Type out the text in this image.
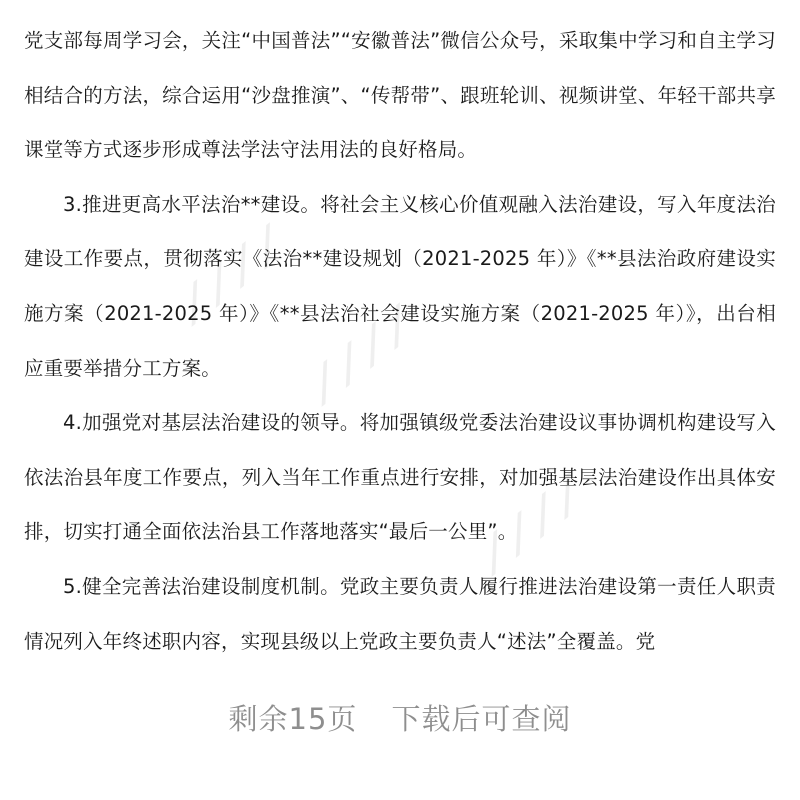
⟋⟋⟋⟋
⟋⟋⟋⟋
⟋⟋⟋⟋

党支部每周学习会，关注“中国普法”“安徽普法”微信公众号，采取集中学习和自主学习相结合的方法，综合运用“沙盘推演”、“传帮带”、跟班轮训、视频讲堂、年轻干部共享课堂等方式逐步形成尊法学法守法用法的良好格局。

3.推进更高水平法治**建设。将社会主义核心价值观融入法治建设，写入年度法治建设工作要点，贯彻落实《法治**建设规划（2021-2025 年）》《**县法治政府建设实施方案（2021-2025 年）》《**县法治社会建设实施方案（2021-2025 年）》，出台相应重要举措分工方案。

4.加强党对基层法治建设的领导。将加强镇级党委法治建设议事协调机构建设写入依法治县年度工作要点，列入当年工作重点进行安排，对加强基层法治建设作出具体安排，切实打通全面依法治县工作落地落实“最后一公里”。

5.健全完善法治建设制度机制。党政主要负责人履行推进法治建设第一责任人职责情况列入年终述职内容，实现县级以上党政主要负责人“述法”全覆盖。党

剩余15页 下载后可查阅
